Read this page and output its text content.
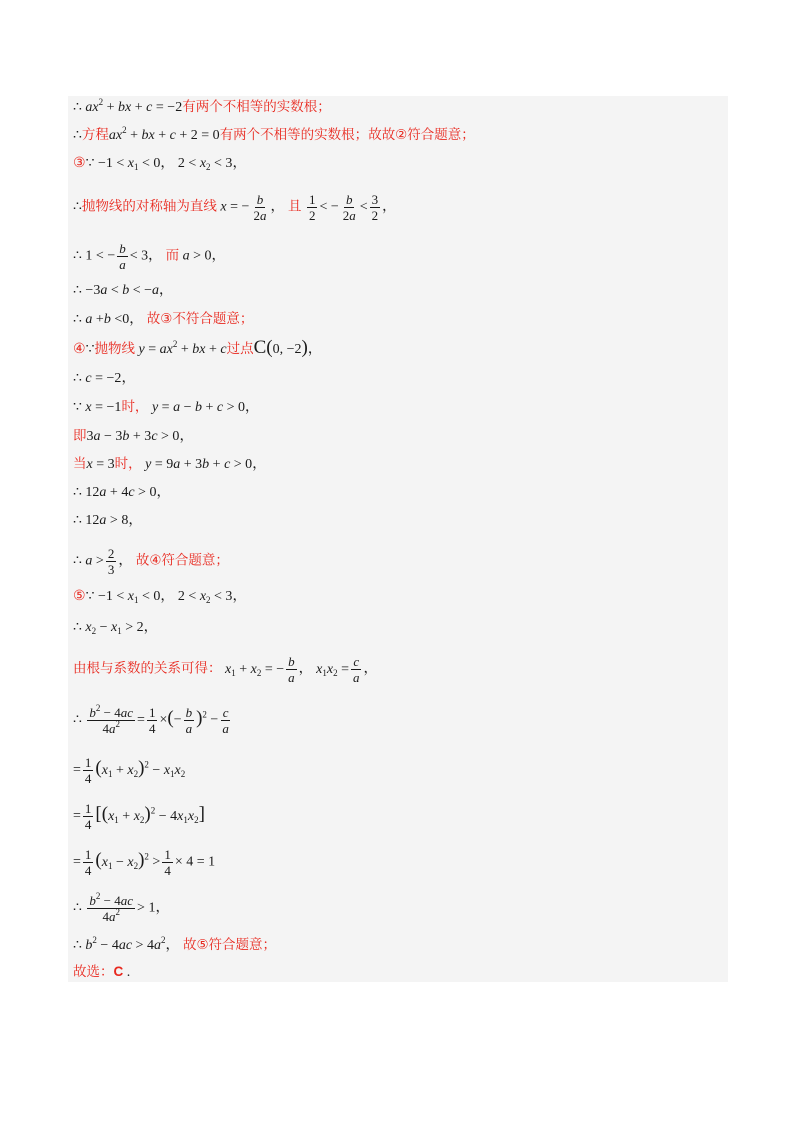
∴ $ax^2$ + bx + c = −2有两个不相等的实数根；
∴方程$ax^2$ + bx + c + 2 = 0有两个不相等的实数根；故故②符合题意；
③∵ $-1 < x_1 < 0$， $2 < x_2 < 3$，
∴抛物线的对称轴为直线 x = − $\frac{b}{2a}$ ， 且 $\frac{1}{2}$ < − $\frac{b}{2a} < \frac{3}{2}$ ，
∴ 1 < − $\frac{b}{a} < 3$， 而 a > 0，
∴ −3a < b < −a，
∴ a +b <0， 故③不符合题意；
④∵抛物线 $y = ax^2$ + bx + c过点C(0, −2)，
∴ c = −2，
∵ x = −1时， y = a − b + c > 0，
即3a − 3b + 3c > 0，
当x = 3时， y = 9a + 3b + c > 0，
∴ 12a + 4c > 0，
∴ 12a > 8，
∴ $a > \frac{2}{3}$ ， 故④符合题意；
⑤∵ $-1 < x_1 < 0$， $2 < x_2 < 3$，
∴ $x_2 - x_1 > 2$，
由根与系数的关系可得： $x_1 + x_2$ = − $\frac{b}{a}$ ， $x_1x_2 = \frac{c}{a}$ ，
∴ $\frac{b^2 - 4ac}{4a^2} = \frac{1}{4}$ ×(− $\frac{b}{a} )^2 - \frac{c}{a}$
= $\frac{1}{4} (x_1 + x_2)^2 - x_1x_2$
= $\frac{1}{4} [(x_1 + x_2)^2 - 4x_1x_2]$
= $\frac{1}{4} (x_1 - x_2)^2 > \frac{1}{4} \times 4 = 1$
∴ $\frac{b^2 - 4ac}{4a^2} > 1$，
∴ $b^2 - 4ac > 4a^2$， 故⑤符合题意；
故选：C .
